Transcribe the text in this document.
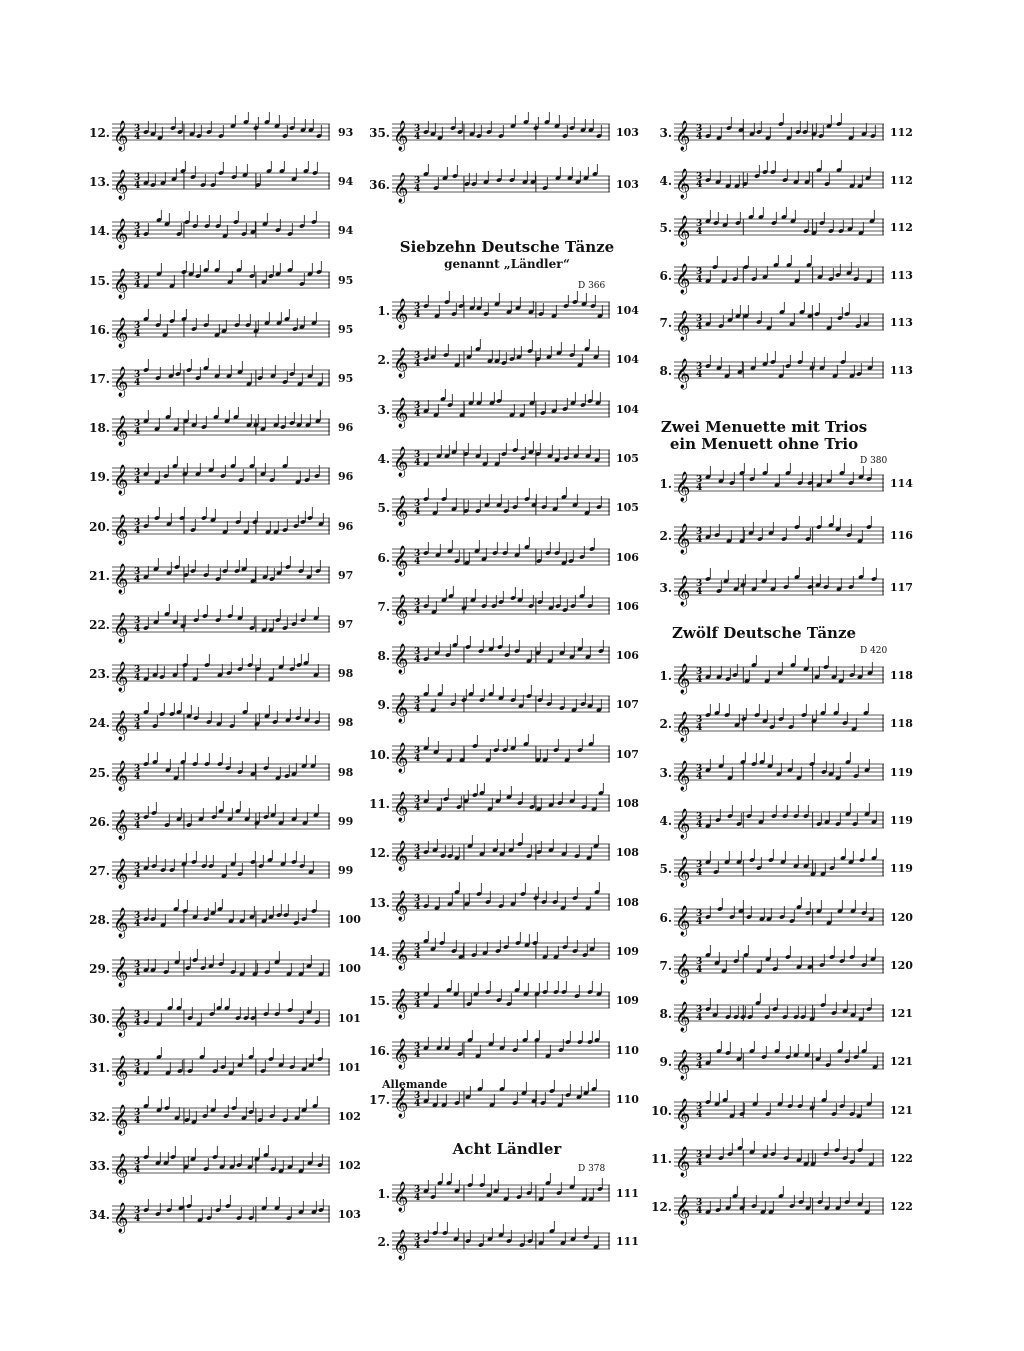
12. 𝄞 3
4	93
13. 𝄞 3
4	94
14. 𝄞 3
4	94
15. 𝄞 3
4	95
16. 𝄞 3
4	95
17. 𝄞 3
4	95
18. 𝄞 3
4	96
19. 𝄞 3
4	96
20. 𝄞 3
4	96
21. 𝄞 3
4	97
22. 𝄞 3
4	97
23. 𝄞 3
4	98
24. 𝄞 3
4	98
25. 𝄞 3
4	98
26. 𝄞 3
4	99
27. 𝄞 3
4	99
28. 𝄞 3
4	100
29. 𝄞 3
4	100
30. 𝄞 3
4	101
31. 𝄞 3
4	101
32. 𝄞 3
4	102
33. 𝄞 3
4	102
34. 𝄞 3
4	103
Siebzehn Deutsche Tänze
genannt „Ländler“
D 366
Allemande
Acht Ländler
D 378
35. 𝄞 3
4	103
36. 𝄞 3
4	103
1. 𝄞 3
4	104
2. 𝄞 3
4	104
3. 𝄞 3
4	104
4. 𝄞 3
4	105
5. 𝄞 3
4	105
6. 𝄞 3
4	106
7. 𝄞 3
4	106
8. 𝄞 3
4	106
9. 𝄞 3
4	107
10. 𝄞 3
4	107
11. 𝄞 3
4	108
12. 𝄞 3
4	108
13. 𝄞 3
4	108
14. 𝄞 3
4	109
15. 𝄞 3
4	109
16. 𝄞 3
4	110
17. 𝄞 3
4	110
1. 𝄞 3
4	111
2. 𝄞 3
4	111
Zwei Menuette mit Trios
ein Menuett ohne Trio
D 380
Zwölf Deutsche Tänze
D 420
3. 𝄞 3
4	112
4. 𝄞 3
4	112
5. 𝄞 3
4	112
6. 𝄞 3
4	113
7. 𝄞 3
4	113
8. 𝄞 3
4	113
1. 𝄞 3
4	114
2. 𝄞 3
4	116
3. 𝄞 3
4	117
1. 𝄞 3
4	118
2. 𝄞 3
4	118
3. 𝄞 3
4	119
4. 𝄞 3
4	119
5. 𝄞 3
4	119
6. 𝄞 3
4	120
7. 𝄞 3
4	120
8. 𝄞 3
4	121
9. 𝄞 3
4	121
10. 𝄞 3
4	121
11. 𝄞 3
4	122
12. 𝄞 3
4	122
